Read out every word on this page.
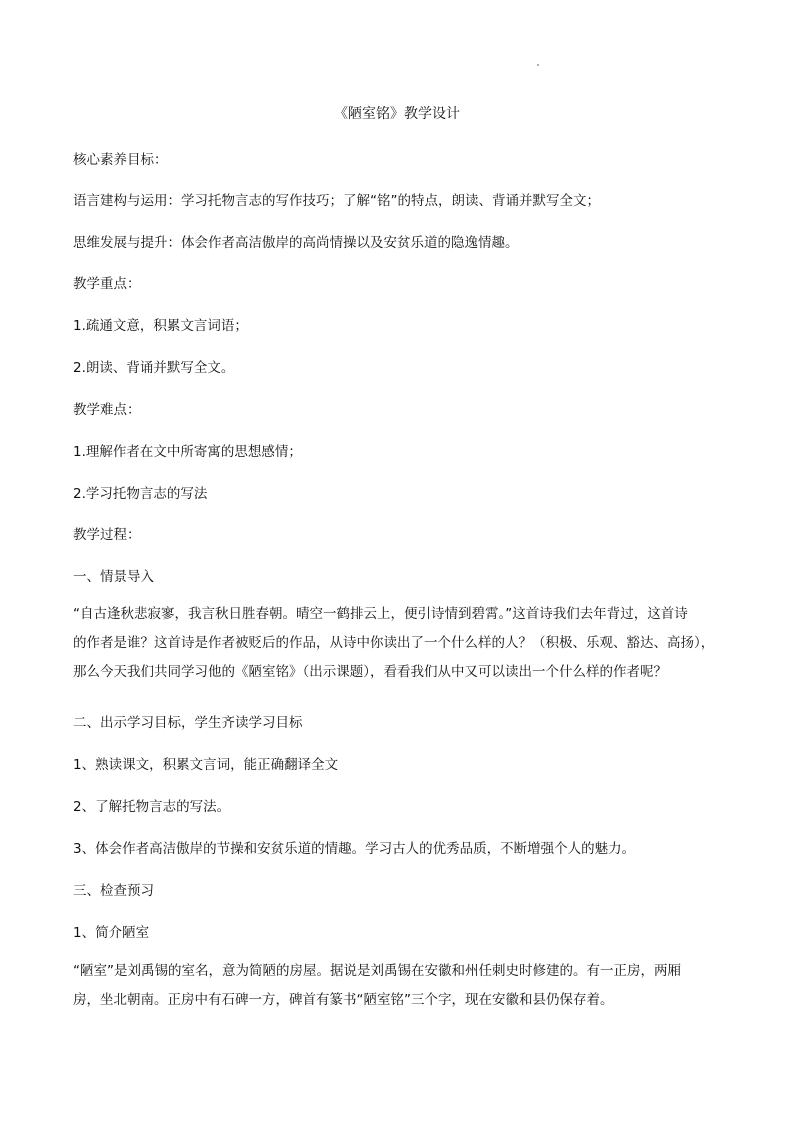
《陋室铭》教学设计
核心素养目标：
语言建构与运用：学习托物言志的写作技巧；了解“铭”的特点，朗读、背诵并默写全文；
思维发展与提升：体会作者高洁傲岸的高尚情操以及安贫乐道的隐逸情趣。
教学重点：
1.疏通文意，积累文言词语；
2.朗读、背诵并默写全文。
教学难点：
1.理解作者在文中所寄寓的思想感情；
2.学习托物言志的写法
教学过程：
一、情景导入
“自古逢秋悲寂寥，我言秋日胜春朝。晴空一鹤排云上，便引诗情到碧霄。”这首诗我们去年背过，这首诗
的作者是谁？这首诗是作者被贬后的作品，从诗中你读出了一个什么样的人？（积极、乐观、豁达、高扬），
那么今天我们共同学习他的《陋室铭》（出示课题），看看我们从中又可以读出一个什么样的作者呢？
二、出示学习目标，学生齐读学习目标
1、熟读课文，积累文言词，能正确翻译全文
2、了解托物言志的写法。
3、体会作者高洁傲岸的节操和安贫乐道的情趣。学习古人的优秀品质，不断增强个人的魅力。
三、检查预习
1、简介陋室
“陋室”是刘禹锡的室名，意为简陋的房屋。据说是刘禹锡在安徽和州任刺史时修建的。有一正房，两厢
房，坐北朝南。正房中有石碑一方，碑首有篆书“陋室铭”三个字，现在安徽和县仍保存着。
